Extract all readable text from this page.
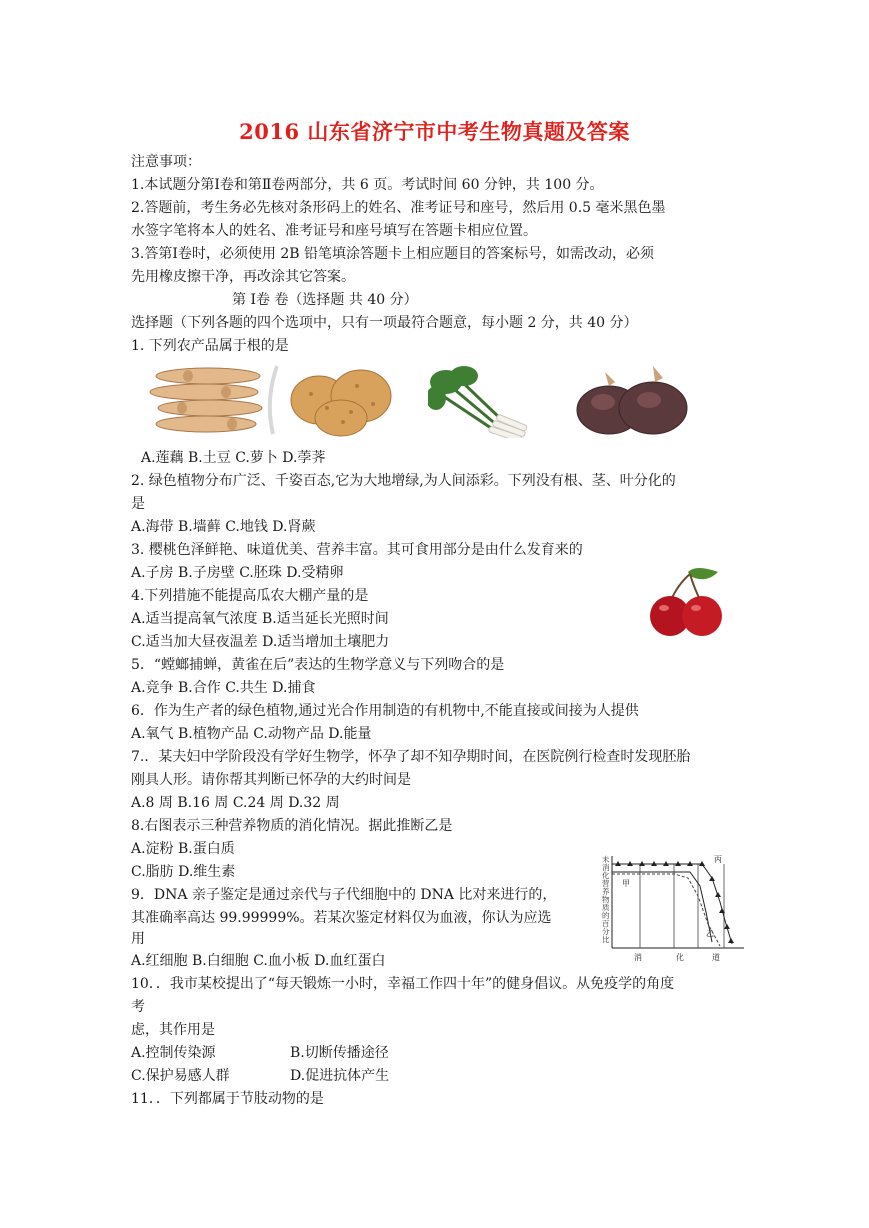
2016 山东省济宁市中考生物真题及答案
注意事项：
1.本试题分第Ⅰ卷和第Ⅱ卷两部分，共 6 页。考试时间 60 分钟，共 100 分。
2.答题前，考生务必先核对条形码上的姓名、准考证号和座号，然后用 0.5 毫米黑色墨
水签字笔将本人的姓名、准考证号和座号填写在答题卡相应位置。
3.答第Ⅰ卷时，必须使用 2B 铅笔填涂答题卡上相应题目的答案标号，如需改动，必须
先用橡皮擦干净，再改涂其它答案。
第 Ⅰ卷 卷（选择题 共 40 分）
选择题（下列各题的四个选项中，只有一项最符合题意，每小题 2 分，共 40 分）
1. 下列农产品属于根的是
A.莲藕 B.土豆 C.萝卜 D.荸荠
2. 绿色植物分布广泛、千姿百态,它为大地增绿,为人间添彩。下列没有根、茎、叶分化的
是
A.海带 B.墙藓 C.地钱 D.肾蕨
3. 樱桃色泽鲜艳、味道优美、营养丰富。其可食用部分是由什么发育来的
A.子房 B.子房壁 C.胚珠 D.受精卵
4.下列措施不能提高瓜农大棚产量的是
A.适当提高氧气浓度 B.适当延长光照时间
C.适当加大昼夜温差 D.适当增加土壤肥力
5．“螳螂捕蝉，黄雀在后”表达的生物学意义与下列吻合的是
A.竞争 B.合作 C.共生 D.捕食
6．作为生产者的绿色植物,通过光合作用制造的有机物中,不能直接或间接为人提供
A.氧气 B.植物产品 C.动物产品 D.能量
7.．某夫妇中学阶段没有学好生物学，怀孕了却不知孕期时间，在医院例行检查时发现胚胎
刚具人形。请你帮其判断已怀孕的大约时间是
A.8 周 B.16 周 C.24 周 D.32 周
8.右图表示三种营养物质的消化情况。据此推断乙是
A.淀粉 B.蛋白质
C.脂肪 D.维生素
未消化营养物质的百分比
甲
乙
丙
消	化	道
9．DNA 亲子鉴定是通过亲代与子代细胞中的 DNA 比对来进行的，
其准确率高达 99.99999%。若某次鉴定材料仅为血液，你认为应选
用
A.红细胞 B.白细胞 C.血小板 D.血红蛋白
10．．我市某校提出了“每天锻炼一小时，幸福工作四十年”的健身倡议。从免疫学的角度
考
虑，其作用是
A.控制传染源	B.切断传播途径
C.保护易感人群	D.促进抗体产生
11．．下列都属于节肢动物的是
